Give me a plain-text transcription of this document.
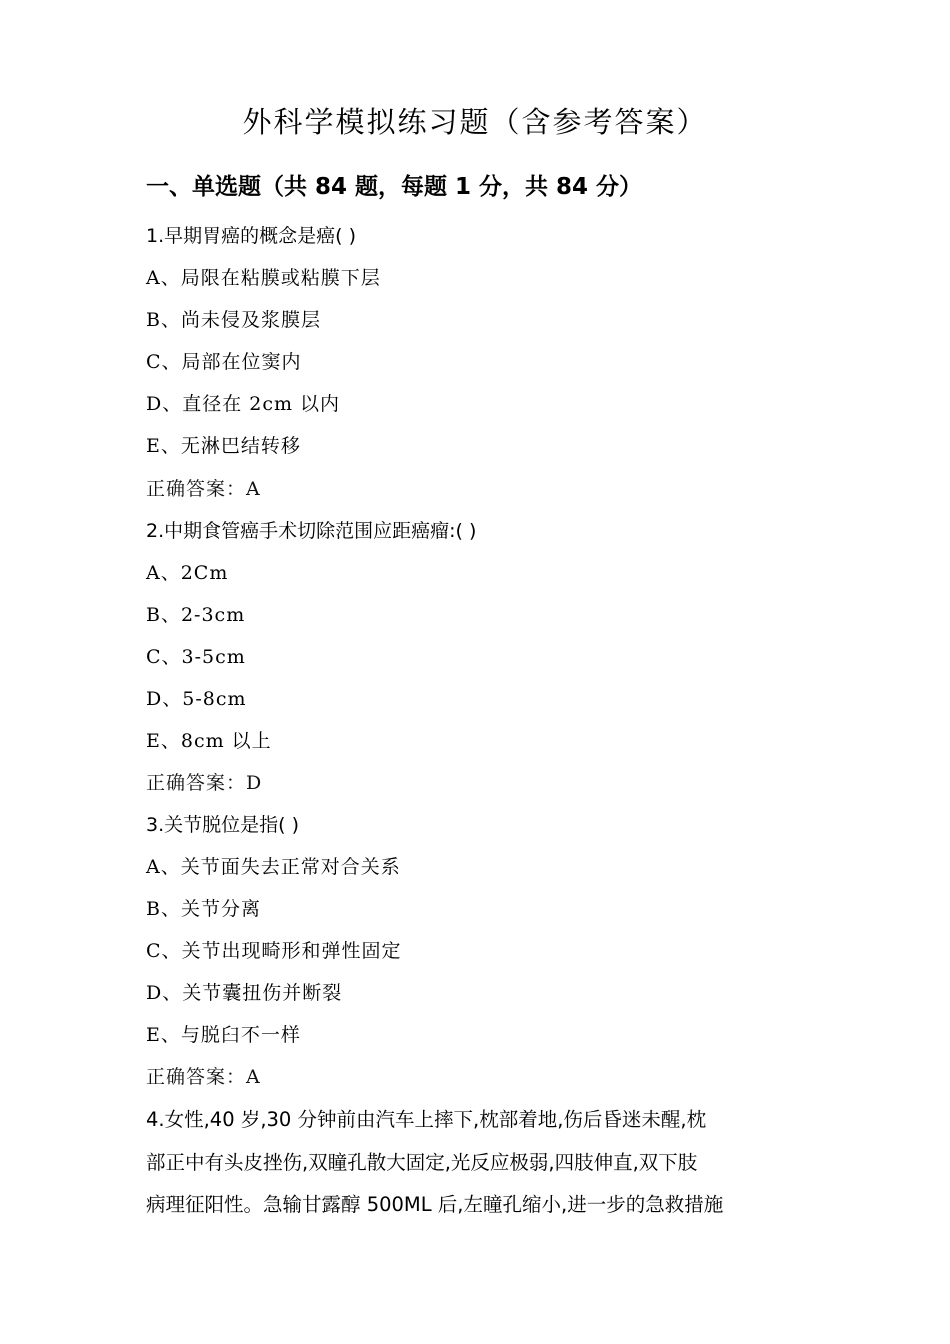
外科学模拟练习题（含参考答案）
一、单选题（共 84 题，每题 1 分，共 84 分）
1.早期胃癌的概念是癌( )
A、局限在粘膜或粘膜下层
B、尚未侵及浆膜层
C、局部在位窦内
D、直径在 2cm 以内
E、无淋巴结转移
正确答案：A
2.中期食管癌手术切除范围应距癌瘤:( )
A、2Cm
B、2-3cm
C、3-5cm
D、5-8cm
E、8cm 以上
正确答案：D
3.关节脱位是指( )
A、关节面失去正常对合关系
B、关节分离
C、关节出现畸形和弹性固定
D、关节囊扭伤并断裂
E、与脱臼不一样
正确答案：A
4.女性,40 岁,30 分钟前由汽车上摔下,枕部着地,伤后昏迷未醒,枕
部正中有头皮挫伤,双瞳孔散大固定,光反应极弱,四肢伸直,双下肢
病理征阳性。急输甘露醇 500ML 后,左瞳孔缩小,进一步的急救措施
